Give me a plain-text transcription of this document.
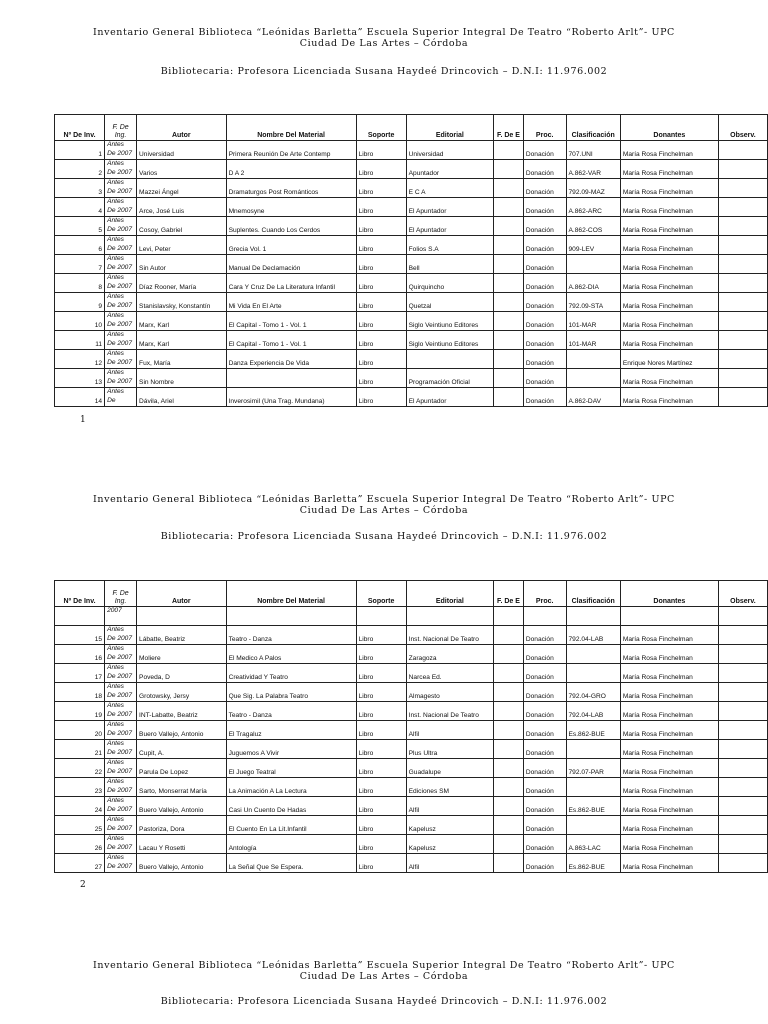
Inventario General Biblioteca “Leónidas Barletta” Escuela Superior Integral De Teatro “Roberto Arlt”- UPC
Ciudad De Las Artes – Córdoba
Bibliotecaria: Profesora Licenciada Susana Haydeé Drincovich – D.N.I: 11.976.002
Nº De Inv.	F. De Ing.	Autor	Nombre Del Material	Soporte	Editorial	F. De E	Proc.	Clasificación	Donantes	Observ.
1	Antes De 2007	Universidad	Primera Reunión De Arte Contemp	Libro	Universidad		Donación	707.UNI	María Rosa Finchelman	
2	Antes De 2007	Varios	D A 2	Libro	Apuntador		Donación	A.862-VAR	María Rosa Finchelman	
3	Antes De 2007	Mazzei Ángel	Dramaturgos Post Románticos	Libro	E C A		Donación	792.09-MAZ	María Rosa Finchelman	
4	Antes De 2007	Arce, José Luis	Mnemosyne	Libro	El Apuntador		Donación	A.862-ARC	María Rosa Finchelman	
5	Antes De 2007	Cosoy, Gabriel	Suplentes. Cuando Los Cerdos	Libro	El Apuntador		Donación	A.862-COS	María Rosa Finchelman	
6	Antes De 2007	Levi, Peter	Grecia Vol. 1	Libro	Folios S.A		Donación	909-LEV	María Rosa Finchelman	
7	Antes De 2007	Sin Autor	Manual De Declamación	Libro	Bell		Donación		María Rosa Finchelman	
8	Antes De 2007	Díaz Rooner, María	Cara Y Cruz De La Literatura Infantil	Libro	Quirquincho		Donación	A.862-DIA	María Rosa Finchelman	
9	Antes De 2007	Stanislavsky, Konstantín	Mi Vida En El Arte	Libro	Quetzal		Donación	792.09-STA	María Rosa Finchelman	
10	Antes De 2007	Marx, Karl	El Capital - Tomo 1 - Vol. 1	Libro	Siglo Veintiuno Editores		Donación	101-MAR	María Rosa Finchelman	
11	Antes De 2007	Marx, Karl	El Capital - Tomo 1 - Vol. 1	Libro	Siglo Veintiuno Editores		Donación	101-MAR	María Rosa Finchelman	
12	Antes De 2007	Fux, María	Danza Experiencia De Vida	Libro			Donación		Enrique Nores Martínez	
13	Antes De 2007	Sin Nombre		Libro	Programación Oficial		Donación		María Rosa Finchelman	
14	Antes De	Dávila, Ariel	Inverosimil (Una Trag. Mundana)	Libro	El Apuntador		Donación	A.862-DAV	María Rosa Finchelman	
1
Inventario General Biblioteca “Leónidas Barletta” Escuela Superior Integral De Teatro “Roberto Arlt”- UPC
Ciudad De Las Artes – Córdoba
Bibliotecaria: Profesora Licenciada Susana Haydeé Drincovich – D.N.I: 11.976.002
Nº De Inv.	F. De Ing.	Autor	Nombre Del Material	Soporte	Editorial	F. De E	Proc.	Clasificación	Donantes	Observ.
	2007									
15	Antes De 2007	Lábatte, Beatriz	Teatro - Danza	Libro	Inst. Nacional De Teatro		Donación	792.04-LAB	María Rosa Finchelman	
16	Antes De 2007	Moliere	El Medico A Palos	Libro	Zaragoza		Donación		María Rosa Finchelman	
17	Antes De 2007	Poveda, D	Creatividad Y Teatro	Libro	Narcea Ed.		Donación		María Rosa Finchelman	
18	Antes De 2007	Grotowsky, Jersy	Que Sig. La Palabra Teatro	Libro	Almagesto		Donación	792.04-GRO	María Rosa Finchelman	
19	Antes De 2007	INT-Labatte, Beatriz	Teatro - Danza	Libro	Inst. Nacional De Teatro		Donación	792.04-LAB	María Rosa Finchelman	
20	Antes De 2007	Buero Vallejo, Antonio	El Tragaluz	Libro	Alfil		Donación	Es.862-BUE	María Rosa Finchelman	
21	Antes De 2007	Cupit, A.	Juguemos A Vivir	Libro	Plus Ultra		Donación		María Rosa Finchelman	
22	Antes De 2007	Parula De Lopez	El Juego Teatral	Libro	Guadalupe		Donación	792.07-PAR	María Rosa Finchelman	
23	Antes De 2007	Sarto, Monserrat María	La Animación A La Lectura	Libro	Ediciones SM		Donación		María Rosa Finchelman	
24	Antes De 2007	Buero Vallejo, Antonio	Casi Un Cuento De Hadas	Libro	Alfil		Donación	Es.862-BUE	María Rosa Finchelman	
25	Antes De 2007	Pastoriza, Dora	El Cuento En La Lit.Infantil	Libro	Kapelusz		Donación		María Rosa Finchelman	
26	Antes De 2007	Lacau Y Rosetti	Antología	Libro	Kapelusz		Donación	A.863-LAC	María Rosa Finchelman	
27	Antes De 2007	Buero Vallejo, Antonio	La Señal Que Se Espera.	Libro	Alfil		Donación	Es.862-BUE	María Rosa Finchelman	
2
Inventario General Biblioteca “Leónidas Barletta” Escuela Superior Integral De Teatro “Roberto Arlt”- UPC
Ciudad De Las Artes – Córdoba
Bibliotecaria: Profesora Licenciada Susana Haydeé Drincovich – D.N.I: 11.976.002
